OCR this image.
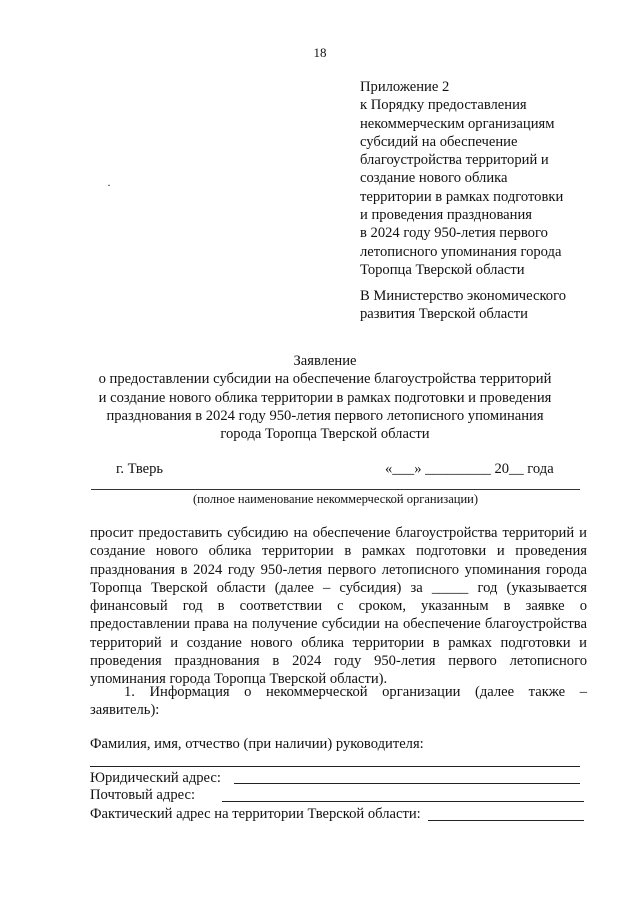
18
·
Приложение 2
к Порядку предоставления
некоммерческим организациям
субсидий на обеспечение
благоустройства территорий и
создание нового облика
территории в рамках подготовки
и проведения празднования
в 2024 году 950-летия первого
летописного упоминания города
Торопца Тверской области
В Министерство экономического
развития Тверской области
Заявление
о предоставлении субсидии на обеспечение благоустройства территорий
и создание нового облика территории в рамках подготовки и проведения
празднования в 2024 году 950-летия первого летописного упоминания
города Торопца Тверской области
г. Тверь	«___» _________ 20__ года
(полное наименование некоммерческой организации)
просит предоставить субсидию на обеспечение благоустройства территорий и
создание нового облика территории в рамках подготовки и проведения
празднования в 2024 году 950-летия первого летописного упоминания города
Торопца Тверской области (далее – субсидия) за _____ год (указывается
финансовый год в соответствии с сроком, указанным в заявке о
предоставлении права на получение субсидии на обеспечение благоустройства
территорий и создание нового облика территории в рамках подготовки и
проведения празднования в 2024 году 950-летия первого летописного
упоминания города Торопца Тверской области).
1. Информация о некоммерческой организации (далее также –
заявитель):
Фамилия, имя, отчество (при наличии) руководителя:
Юридический адрес:
Почтовый адрес:
Фактический адрес на территории Тверской области:
